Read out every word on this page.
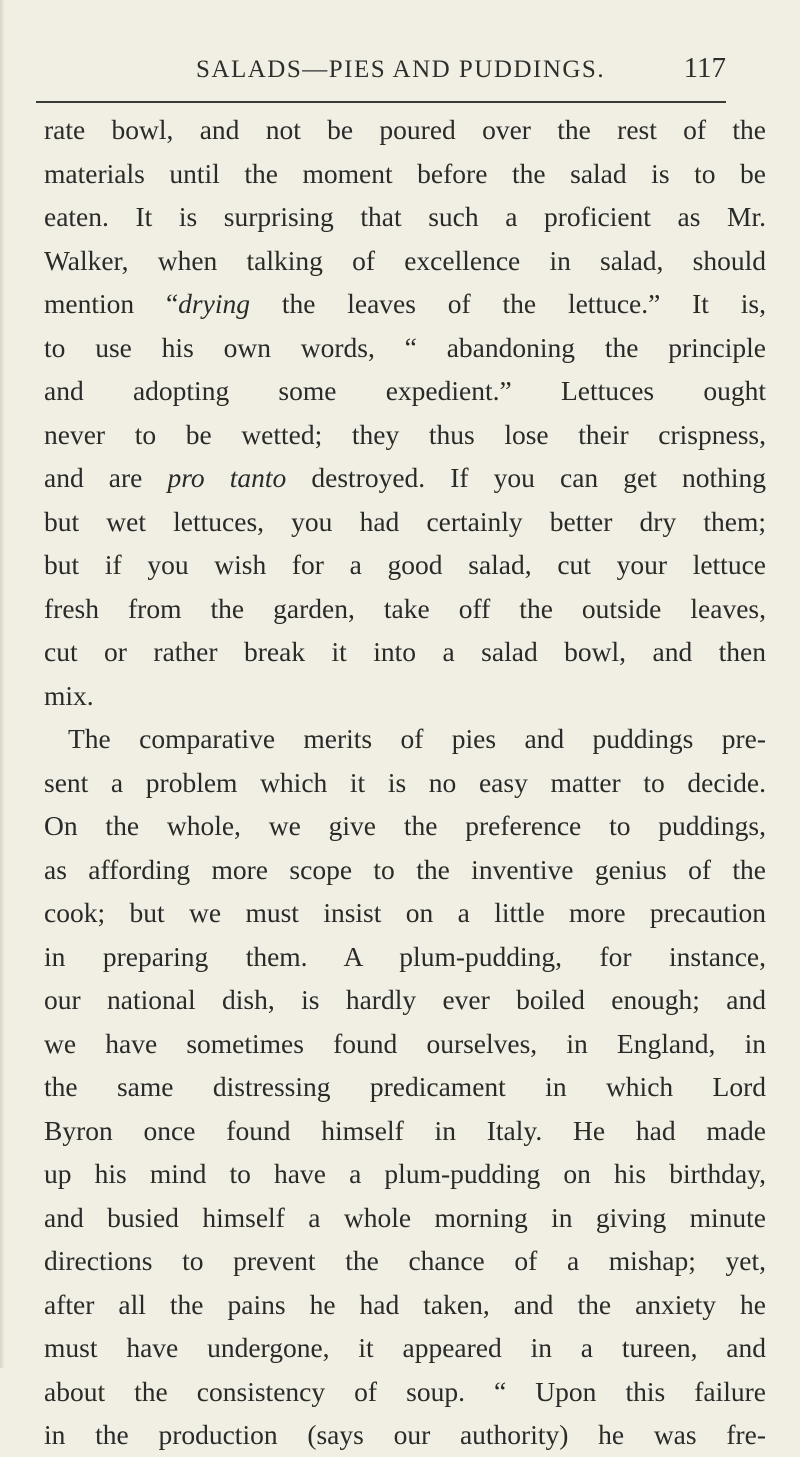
SALADS—PIES AND PUDDINGS.	117
rate bowl, and not be poured over the rest of the
materials until the moment before the salad is to be
eaten. It is surprising that such a proficient as Mr.
Walker, when talking of excellence in salad, should
mention “drying the leaves of the lettuce.” It is,
to use his own words, “ abandoning the principle
and adopting some expedient.” Lettuces ought
never to be wetted; they thus lose their crispness,
and are pro tanto destroyed. If you can get nothing
but wet lettuces, you had certainly better dry them;
but if you wish for a good salad, cut your lettuce
fresh from the garden, take off the outside leaves,
cut or rather break it into a salad bowl, and then
mix.
The comparative merits of pies and puddings pre-
sent a problem which it is no easy matter to decide.
On the whole, we give the preference to puddings,
as affording more scope to the inventive genius of the
cook; but we must insist on a little more precaution
in preparing them. A plum-pudding, for instance,
our national dish, is hardly ever boiled enough; and
we have sometimes found ourselves, in England, in
the same distressing predicament in which Lord
Byron once found himself in Italy. He had made
up his mind to have a plum-pudding on his birthday,
and busied himself a whole morning in giving minute
directions to prevent the chance of a mishap; yet,
after all the pains he had taken, and the anxiety he
must have undergone, it appeared in a tureen, and
about the consistency of soup. “ Upon this failure
in the production (says our authority) he was fre-
